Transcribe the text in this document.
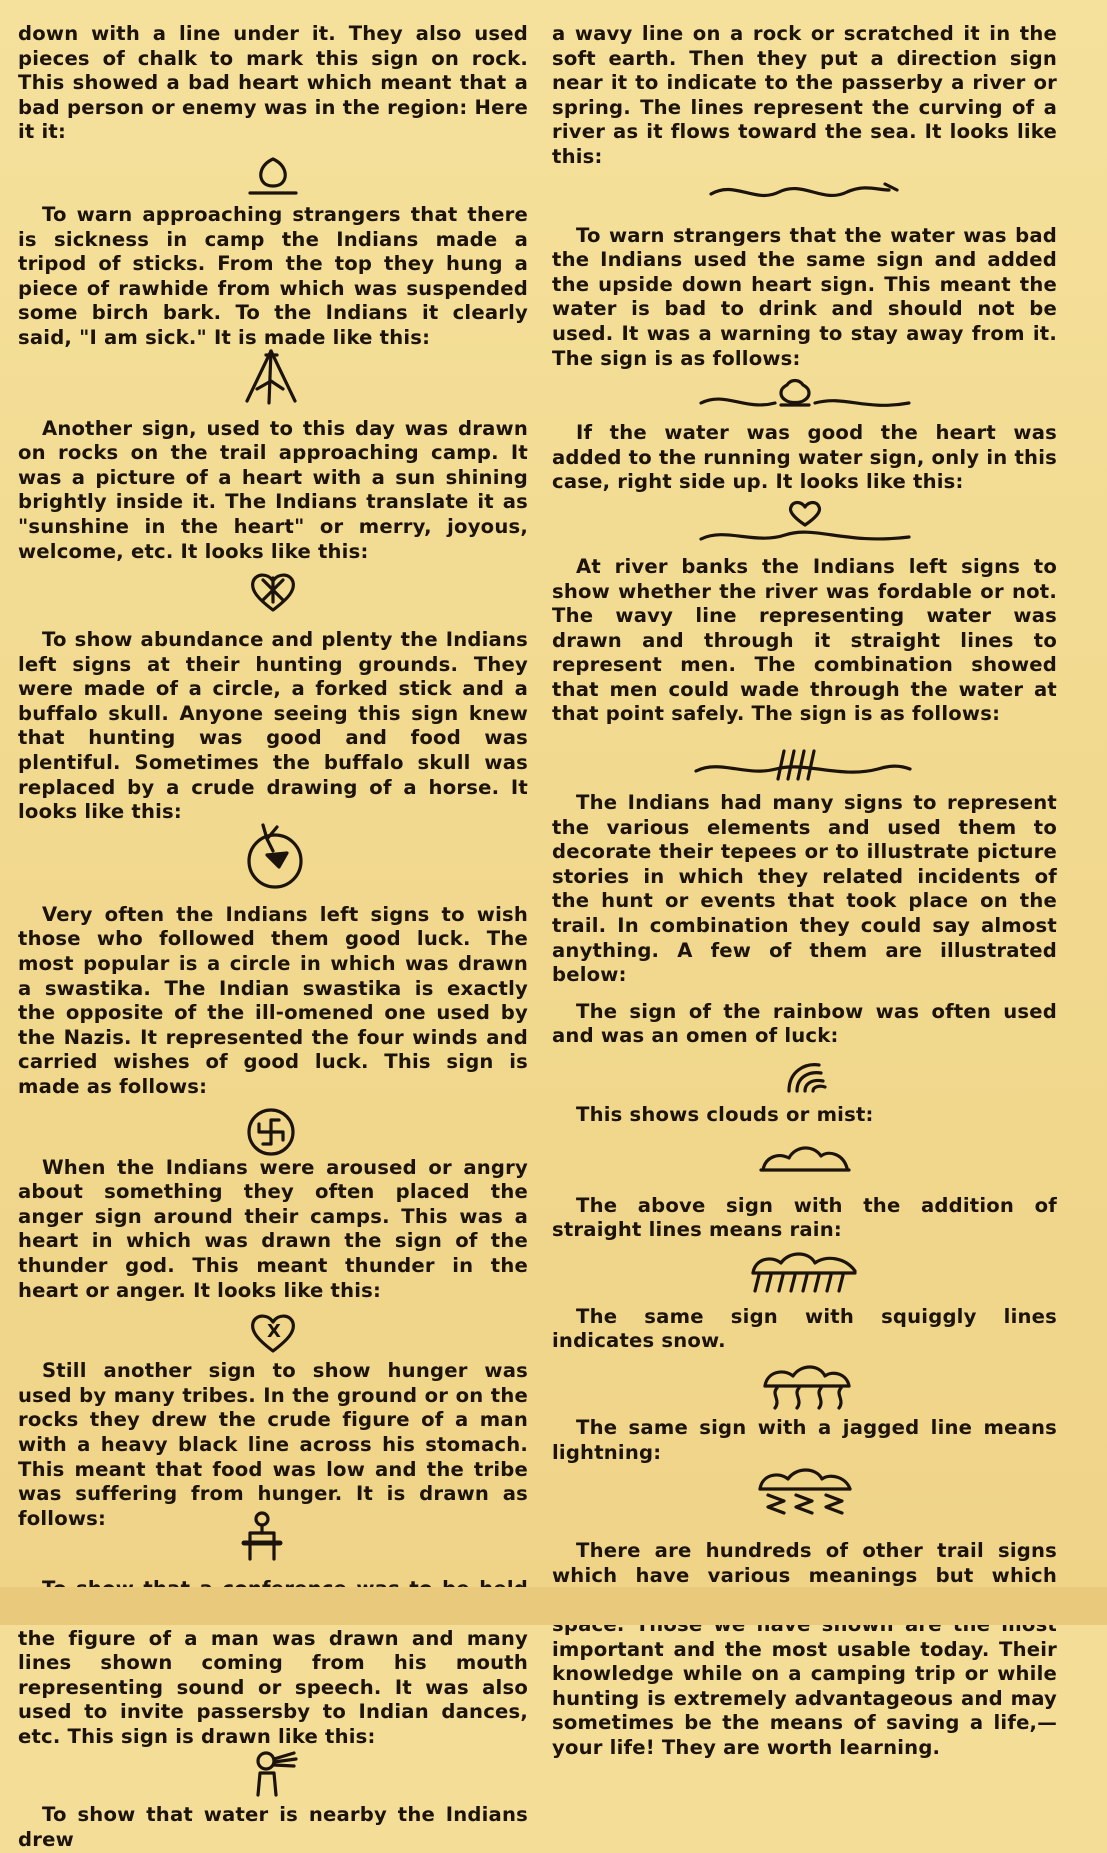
down with a line under it. They also used pieces of chalk to mark this sign on rock. This showed a bad heart which meant that a bad person or enemy was in the region: Here it it:

To warn approaching strangers that there is sickness in camp the Indians made a tripod of sticks. From the top they hung a piece of rawhide from which was suspended some birch bark. To the Indians it clearly said, "I am sick." It is made like this:

Another sign, used to this day was drawn on rocks on the trail approaching camp. It was a picture of a heart with a sun shining brightly inside it. The Indians translate it as "sunshine in the heart" or merry, joyous, welcome, etc. It looks like this:

To show abundance and plenty the Indians left signs at their hunting grounds. They were made of a circle, a forked stick and a buffalo skull. Anyone seeing this sign knew that hunting was good and food was plentiful. Sometimes the buffalo skull was replaced by a crude drawing of a horse. It looks like this:

Very often the Indians left signs to wish those who followed them good luck. The most popular is a circle in which was drawn a swastika. The Indian swastika is exactly the opposite of the ill-omened one used by the Nazis. It represented the four winds and carried wishes of good luck. This sign is made as follows:

When the Indians were aroused or angry about something they often placed the anger sign around their camps. This was a heart in which was drawn the sign of the thunder god. This meant thunder in the heart or anger. It looks like this:

X

Still another sign to show hunger was used by many tribes. In the ground or on the rocks they drew the crude figure of a man with a heavy black line across his stomach. This meant that food was low and the tribe was suffering from hunger. It is drawn as follows:

the figure of a man was drawn and many lines shown coming from his mouth representing sound or speech. It was also used to invite passersby to Indian dances, etc. This sign is drawn like this:

To show that water is nearby the Indians drew

a wavy line on a rock or scratched it in the soft earth. Then they put a direction sign near it to indicate to the passerby a river or spring. The lines represent the curving of a river as it flows toward the sea. It looks like this:

To warn strangers that the water was bad the Indians used the same sign and added the upside down heart sign. This meant the water is bad to drink and should not be used. It was a warning to stay away from it. The sign is as follows:

If the water was good the heart was added to the running water sign, only in this case, right side up. It looks like this:

At river banks the Indians left signs to show whether the river was fordable or not. The wavy line representing water was drawn and through it straight lines to represent men. The combination showed that men could wade through the water at that point safely. The sign is as follows:

The Indians had many signs to represent the various elements and used them to decorate their tepees or to illustrate picture stories in which they related incidents of the hunt or events that took place on the trail. In combination they could say almost anything. A few of them are illustrated below:

The sign of the rainbow was often used and was an omen of luck:

This shows clouds or mist:

The above sign with the addition of straight lines means rain:

The same sign with squiggly lines indicates snow.

The same sign with a jagged line means lightning:

There are hundreds of other trail signs which have various meanings but which important and the most usable today. Their knowledge while on a camping trip or while hunting is extremely advantageous and may sometimes be the means of saving a life,—your life! They are worth learning.
